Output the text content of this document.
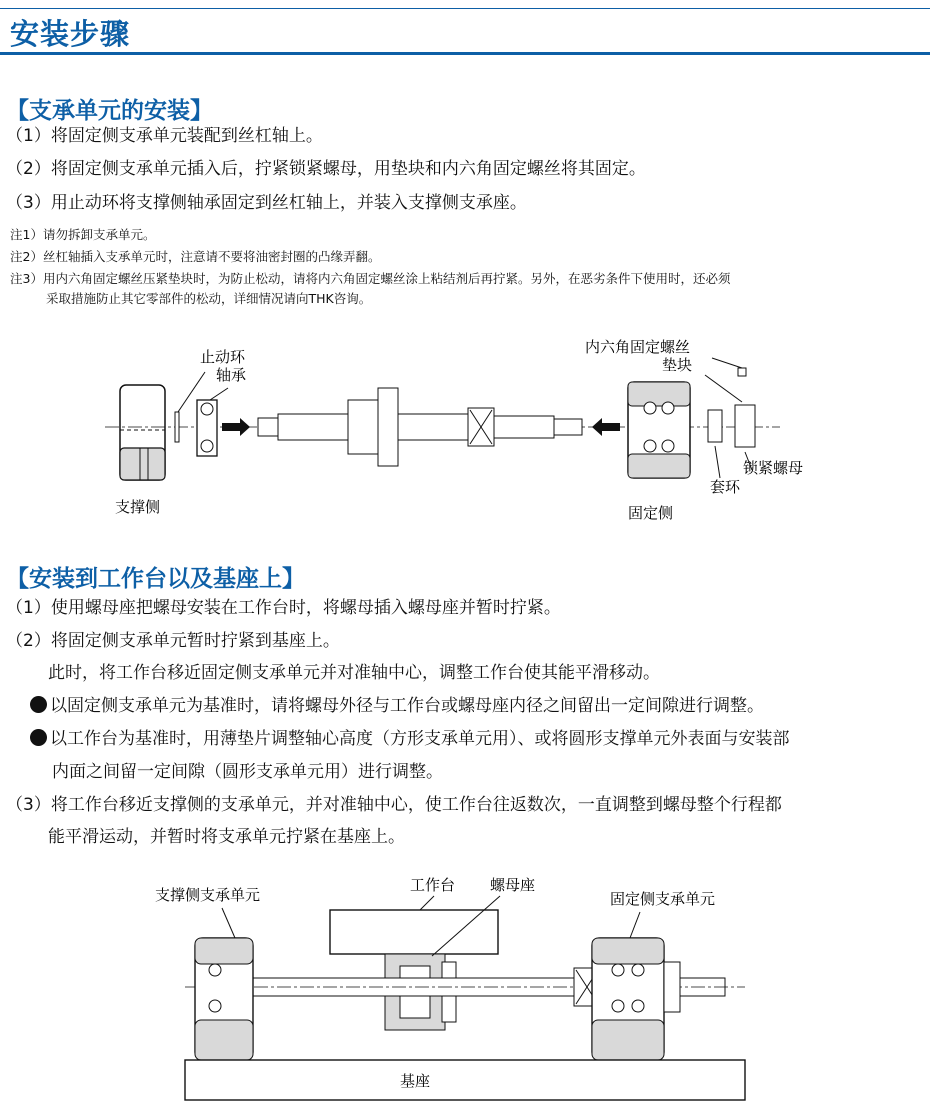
安装步骤
【支承单元的安装】
（1）将固定侧支承单元装配到丝杠轴上。
（2）将固定侧支承单元插入后，拧紧锁紧螺母，用垫块和内六角固定螺丝将其固定。
（3）用止动环将支撑侧轴承固定到丝杠轴上，并装入支撑侧支承座。
注1）请勿拆卸支承单元。
注2）丝杠轴插入支承单元时，注意请不要将油密封圈的凸缘弄翻。
注3）用内六角固定螺丝压紧垫块时，为防止松动，请将内六角固定螺丝涂上粘结剂后再拧紧。另外，在恶劣条件下使用时，还必须
采取措施防止其它零部件的松动，详细情况请向THK咨询。
止动环
轴承
支撑侧
内六角固定螺丝
垫块
锁紧螺母
套环
固定侧
【安装到工作台以及基座上】
（1）使用螺母座把螺母安装在工作台时，将螺母插入螺母座并暂时拧紧。
（2）将固定侧支承单元暂时拧紧到基座上。
此时，将工作台移近固定侧支承单元并对准轴中心，调整工作台使其能平滑移动。
以固定侧支承单元为基准时，请将螺母外径与工作台或螺母座内径之间留出一定间隙进行调整。
以工作台为基准时，用薄垫片调整轴心高度（方形支承单元用）、或将圆形支撑单元外表面与安装部
内面之间留一定间隙（圆形支承单元用）进行调整。
（3）将工作台移近支撑侧的支承单元，并对准轴中心，使工作台往返数次，一直调整到螺母整个行程都
能平滑运动，并暂时将支承单元拧紧在基座上。
支撑侧支承单元
工作台 螺母座
固定侧支承单元
基座
